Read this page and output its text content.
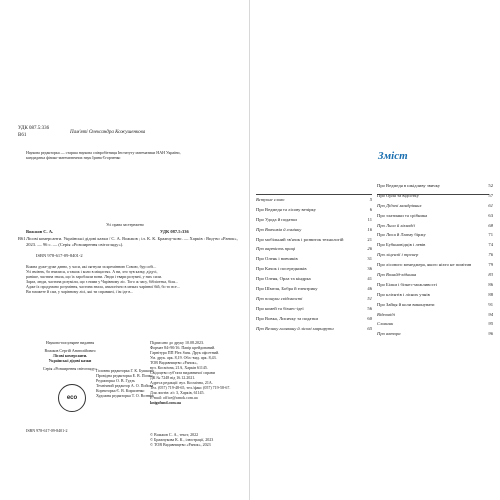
УДК 087.5:336
В61
Пам'яті Олександра Кожушенкова
Наукова редакторка — старша наукова співробітниця Інституту математики НАН України,
кандидатка фізико-математичних наук Ірина Єгорченко
Усі права застережено
Вожжов С. А.	УДК 087.5:336
В61 Лісові комерсанти. Українські дідові казки / С. А. Вожжов ; іл. К. К. Бражчу-ковс. — Харків : Вид-во «Ранок», 2023. — 96 с. — (Серія «Розширення світогляду»).
ISBN 978-617-09-8401-2
Кожна дуже-дуже давно, у часи, які сягнули за кремінною Совою, бур собі...
Усі вміють, бо вчилися, а також і коли в міщастях. А ви, хто чув казку, дідусі,
раніше, частина знала, що їх заробляли вони. Люди і твари розумні, у них сили.
Зараз, люди, частина розуміли, що з ними у Чарівному ліс. Того ж часу, бібліотека, біля...
Адже їх продумано розуміння, частина знала, аналогічно в межах чарівної бій, бо то все...
Ви зможете й сам, у чарівному лісі, які ти справжні, і їм іде в...
Науково-популярне видання
Вожжов Сергій Анатолійович
Лісові комерсанти.
Українські дідові казки
Серія «Розширення світогляду»
Головна редакторка Г. К. Бушкова
Провідна редакторка Е. В. Попко
Редакторка О. В. Гудзь
Технічний редактор А. О. Пойова
Коректорка Є. В. Кириленко
Художня редакторка Т. О. Вознюк
Підписано до друку 10.08.2023.
Формат 84×90/16. Папір крейдований.
Гарнітура ПП Plex Sans. Друк офсетний.
Ум. друк. арк. 8,19. Обл.-вид. арк. 8,43.
ТОВ Видавництво «Ранок»,
вул. Космічна, 21А, Харків 61145.
Свідоцтво суб'єкта видавничої справи
ДК № 7248 від 16.12.2021.
Адреса редакції: вул. Космічна, 21А.
Тел. (057) 719-48-65, тел./факс (057) 719-58-67.
Для листів: а/с 3, Харків, 61145.
E-mail: office@ranok.com.ua
knigofund.com.ua
eco
ISBN 978-617-09-8401-2
© Вожжов С. А., текст, 2022
© Бражчукова К. К., ілюстрації, 2023
© ТОВ Видавництво «Ранок», 2023
Зміст
Вступне слово	5
Про Ведмедя та лісову вечірку	6
Про Удода й податки	11
Про Вовчиків й гомінку	16
Про мобільний зв'язок і розвиток технологій	21
Про вартість праці	26
Про Олень і вовчиків	31
Про Качок і посередників	36
Про Оленя, Орла та кіндрка	41
Про Шмеля, Бобра й електрику	46
Про пошуки свідомості	51
Про комей та бізнес-ідеї	56
Про Вовка, Лисичку та податки	60
Про Велику галявину й лісові маршрути	65
Про Ведмедя в шкідливу звичку	52
Про Орла та відсотку	57
Про Дідичі мандрівних	61
Про златинки та срібника	63
Про Лиса й ліквадії	68
Про Лиса й Лапму біржу	71
Про Бубкновідців і левів	74
Про ліцензії і тренер	76
Про лісового менеджера, якого ніхто не помітив	79
Про Вохайд-відання	83
Про Білки і бізнес-можливості	86
Про клієнтів і лісних учнів	88
Про Зайця й коли виконувати	91
Відповіді	94
Словник	95
Про автора	96
